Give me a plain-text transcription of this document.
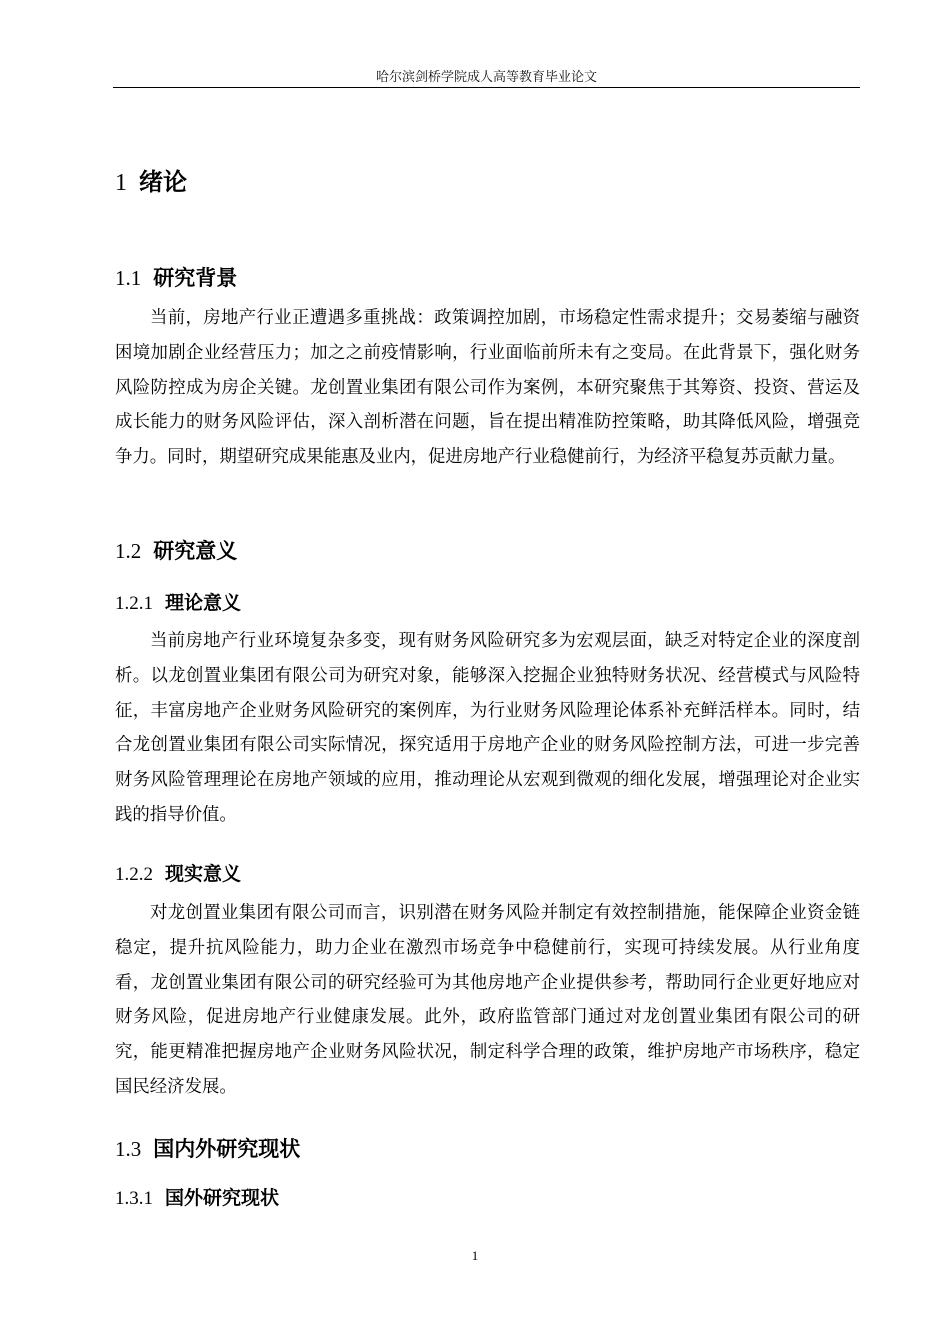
哈尔滨剑桥学院成人高等教育毕业论文
1 绪论
1.1 研究背景

当前，房地产行业正遭遇多重挑战：政策调控加剧，市场稳定性需求提升；交易萎缩与融资困境加剧企业经营压力；加之之前疫情影响，行业面临前所未有之变局。在此背景下，强化财务风险防控成为房企关键。龙创置业集团有限公司作为案例，本研究聚焦于其筹资、投资、营运及成长能力的财务风险评估，深入剖析潜在问题，旨在提出精准防控策略，助其降低风险，增强竞争力。同时，期望研究成果能惠及业内，促进房地产行业稳健前行，为经济平稳复苏贡献力量。

1.2 研究意义
1.2.1 理论意义

当前房地产行业环境复杂多变，现有财务风险研究多为宏观层面，缺乏对特定企业的深度剖析。以龙创置业集团有限公司为研究对象，能够深入挖掘企业独特财务状况、经营模式与风险特征，丰富房地产企业财务风险研究的案例库，为行业财务风险理论体系补充鲜活样本。同时，结合龙创置业集团有限公司实际情况，探究适用于房地产企业的财务风险控制方法，可进一步完善财务风险管理理论在房地产领域的应用，推动理论从宏观到微观的细化发展，增强理论对企业实践的指导价值。

1.2.2 现实意义

对龙创置业集团有限公司而言，识别潜在财务风险并制定有效控制措施，能保障企业资金链稳定，提升抗风险能力，助力企业在激烈市场竞争中稳健前行，实现可持续发展。从行业角度看，龙创置业集团有限公司的研究经验可为其他房地产企业提供参考，帮助同行企业更好地应对财务风险，促进房地产行业健康发展。此外，政府监管部门通过对龙创置业集团有限公司的研究，能更精准把握房地产企业财务风险状况，制定科学合理的政策，维护房地产市场秩序，稳定国民经济发展。

1.3 国内外研究现状
1.3.1 国外研究现状
1
